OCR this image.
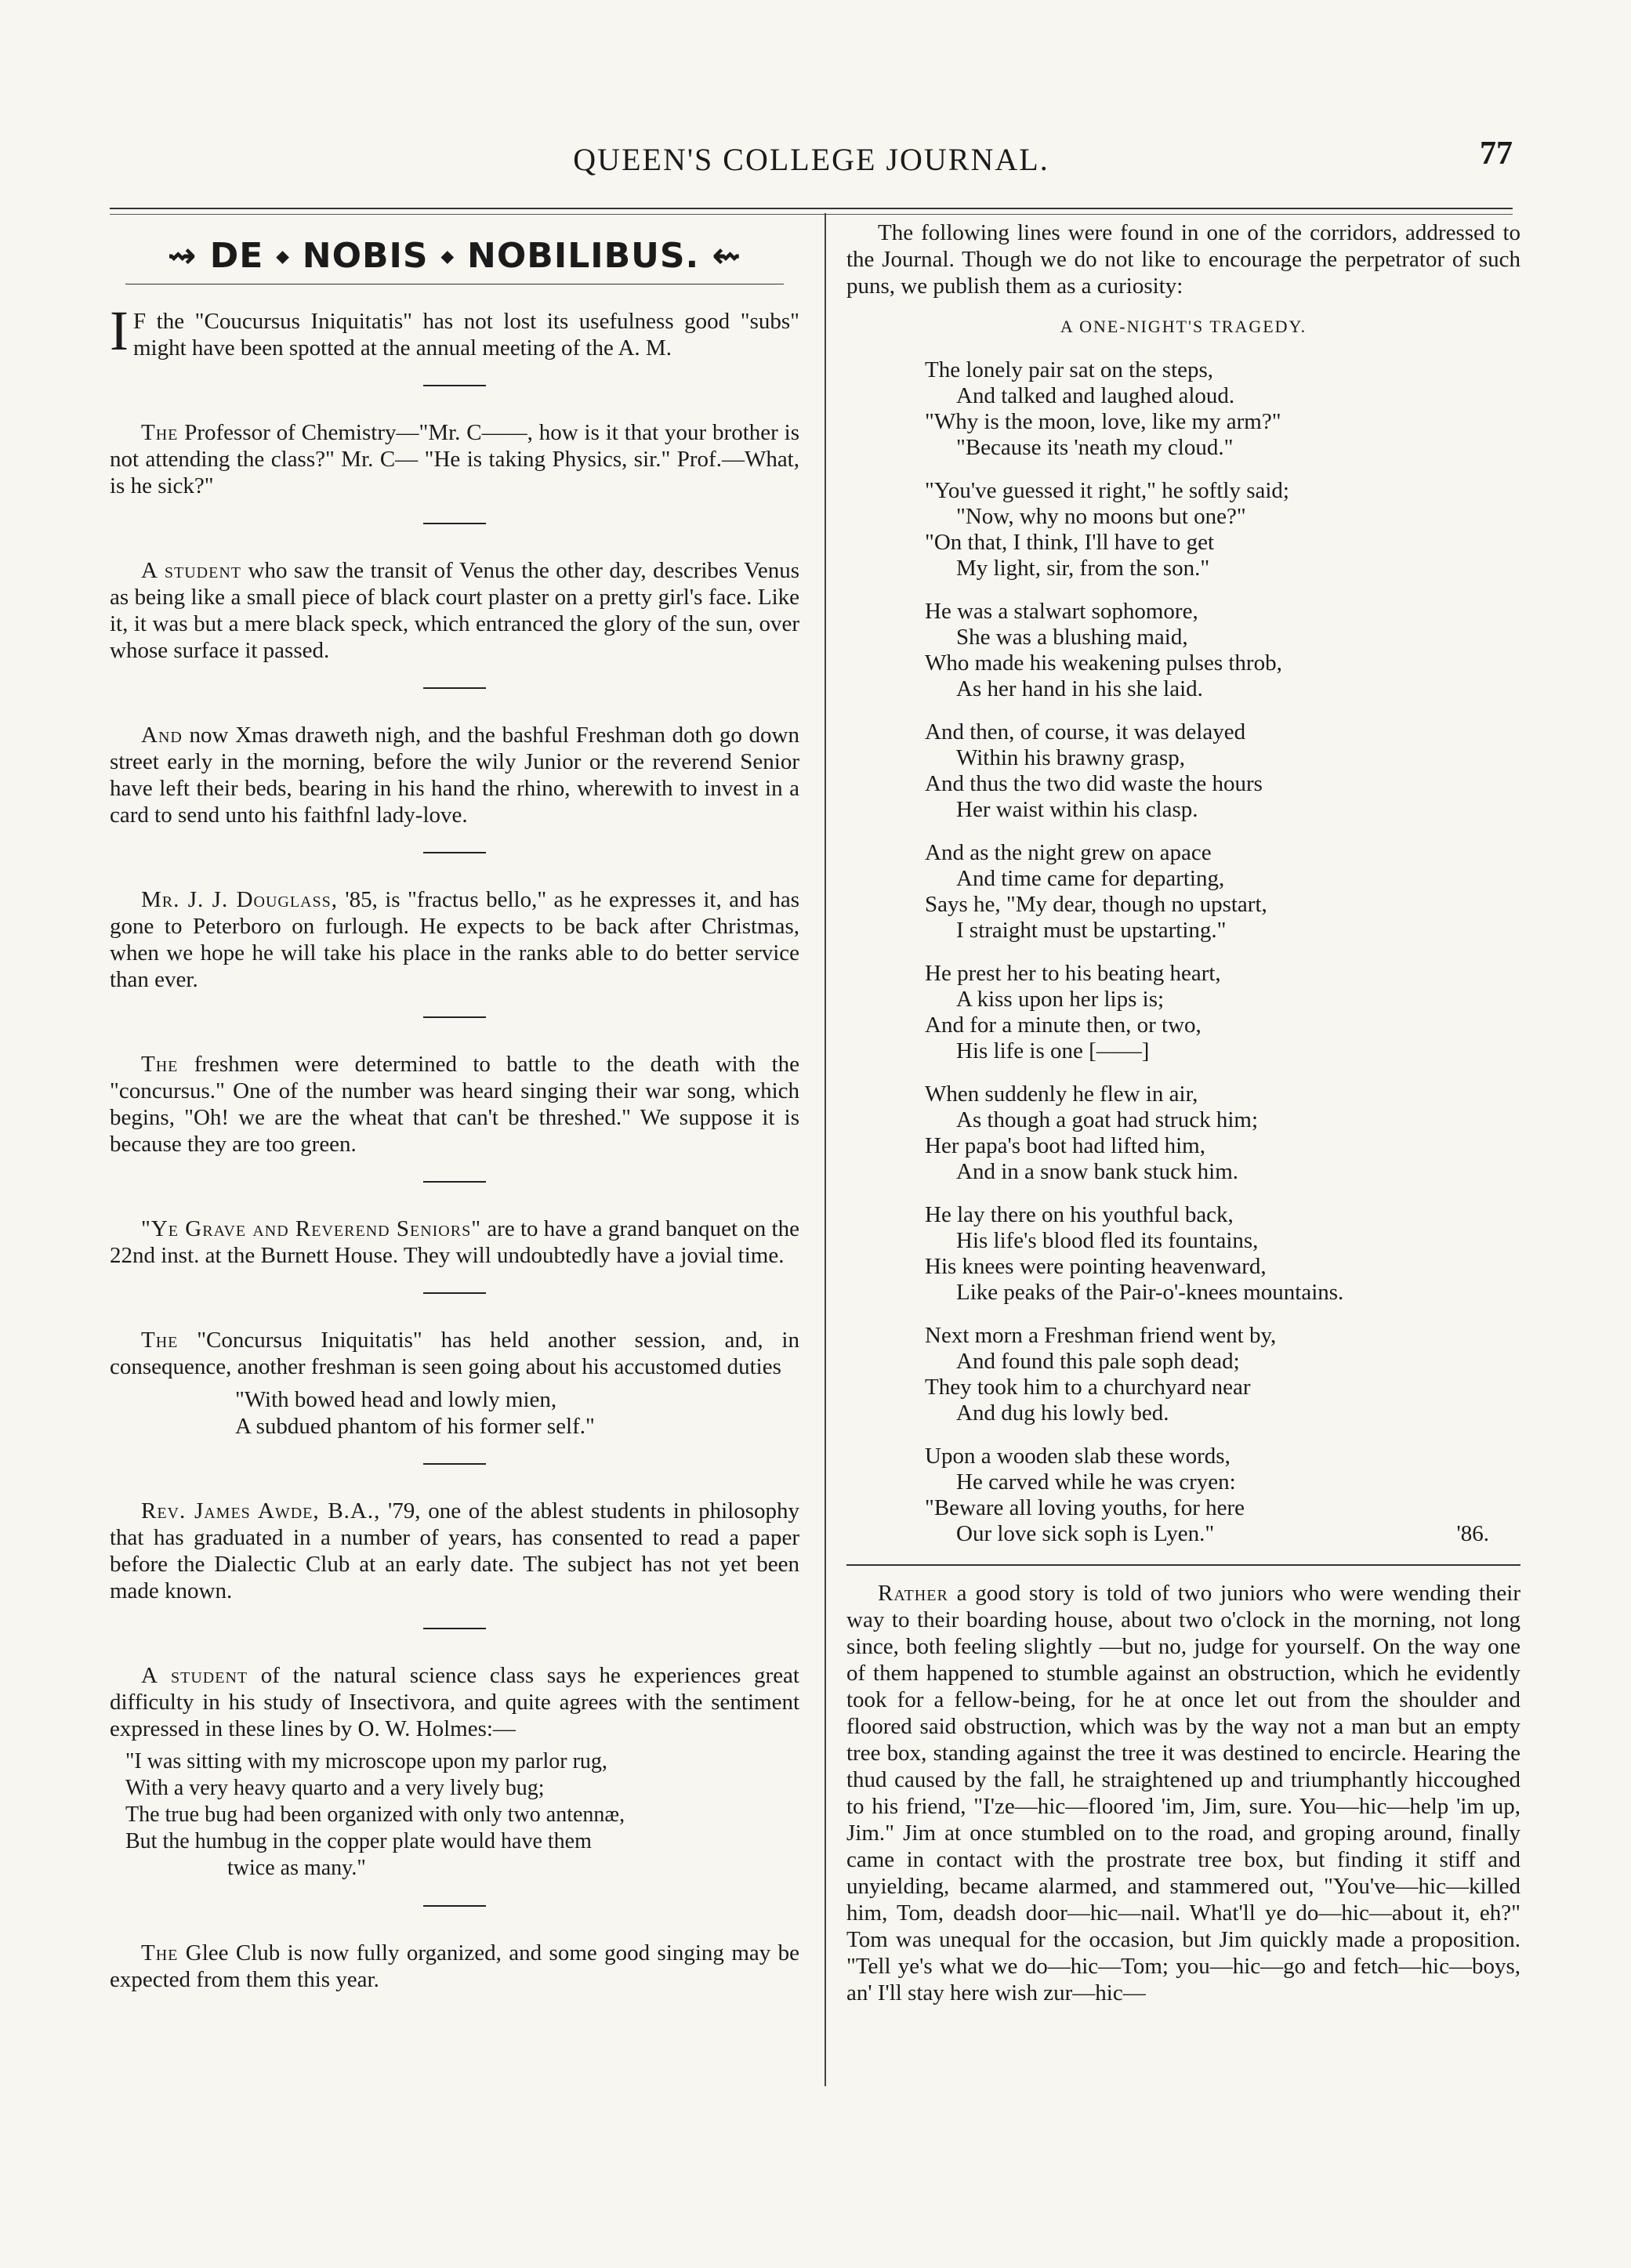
QUEEN'S COLLEGE JOURNAL.	77
⇝ DE ⬩ NOBIS ⬩ NOBILIBUS. ⇜

I F the "Coucursus Iniquitatis" has not lost its usefulness good "subs" might have been spotted at the annual meeting of the A. M.

The Professor of Chemistry—"Mr. C——, how is it that your brother is not attending the class?" Mr. C— "He is taking Physics, sir." Prof.—What, is he sick?"

A student who saw the transit of Venus the other day, describes Venus as being like a small piece of black court plaster on a pretty girl's face. Like it, it was but a mere black speck, which entranced the glory of the sun, over whose surface it passed.

And now Xmas draweth nigh, and the bashful Freshman doth go down street early in the morning, before the wily Junior or the reverend Senior have left their beds, bearing in his hand the rhino, wherewith to invest in a card to send unto his faithfnl lady-love.

Mr. J. J. Douglass, '85, is "fractus bello," as he expresses it, and has gone to Peterboro on furlough. He expects to be back after Christmas, when we hope he will take his place in the ranks able to do better service than ever.

The freshmen were determined to battle to the death with the "concursus." One of the number was heard singing their war song, which begins, "Oh! we are the wheat that can't be threshed." We suppose it is because they are too green.

"Ye Grave and Reverend Seniors" are to have a grand banquet on the 22nd inst. at the Burnett House. They will undoubtedly have a jovial time.

The "Concursus Iniquitatis" has held another session, and, in consequence, another freshman is seen going about his accustomed duties

"With bowed head and lowly mien,
A subdued phantom of his former self."

Rev. James Awde, B.A., '79, one of the ablest students in philosophy that has graduated in a number of years, has consented to read a paper before the Dialectic Club at an early date. The subject has not yet been made known.

A student of the natural science class says he experiences great difficulty in his study of Insectivora, and quite agrees with the sentiment expressed in these lines by O. W. Holmes:—

"I was sitting with my microscope upon my parlor rug,
With a very heavy quarto and a very lively bug;
The true bug had been organized with only two antennæ,
But the humbug in the copper plate would have them
twice as many."

The Glee Club is now fully organized, and some good singing may be expected from them this year.

The following lines were found in one of the corridors, addressed to the Journal. Though we do not like to encourage the perpetrator of such puns, we publish them as a curiosity:

A ONE-NIGHT'S TRAGEDY.
The lonely pair sat on the steps,
And talked and laughed aloud.
"Why is the moon, love, like my arm?"
"Because its 'neath my cloud."
"You've guessed it right," he softly said;
"Now, why no moons but one?"
"On that, I think, I'll have to get
My light, sir, from the son."
He was a stalwart sophomore,
She was a blushing maid,
Who made his weakening pulses throb,
As her hand in his she laid.
And then, of course, it was delayed
Within his brawny grasp,
And thus the two did waste the hours
Her waist within his clasp.
And as the night grew on apace
And time came for departing,
Says he, "My dear, though no upstart,
I straight must be upstarting."
He prest her to his beating heart,
A kiss upon her lips is;
And for a minute then, or two,
His life is one [——]
When suddenly he flew in air,
As though a goat had struck him;
Her papa's boot had lifted him,
And in a snow bank stuck him.
He lay there on his youthful back,
His life's blood fled its fountains,
His knees were pointing heavenward,
Like peaks of the Pair-o'-knees mountains.
Next morn a Freshman friend went by,
And found this pale soph dead;
They took him to a churchyard near
And dug his lowly bed.
Upon a wooden slab these words,
He carved while he was cryen:
"Beware all loving youths, for here
Our love sick soph is Lyen."	'86.

Rather a good story is told of two juniors who were wending their way to their boarding house, about two o'clock in the morning, not long since, both feeling slightly —but no, judge for yourself. On the way one of them happened to stumble against an obstruction, which he evidently took for a fellow-being, for he at once let out from the shoulder and floored said obstruction, which was by the way not a man but an empty tree box, standing against the tree it was destined to encircle. Hearing the thud caused by the fall, he straightened up and triumphantly hiccoughed to his friend, "I'ze—hic—floored 'im, Jim, sure. You—hic—help 'im up, Jim." Jim at once stumbled on to the road, and groping around, finally came in contact with the prostrate tree box, but finding it stiff and unyielding, became alarmed, and stammered out, "You've—hic—killed him, Tom, deadsh door—hic—nail. What'll ye do—hic—about it, eh?" Tom was unequal for the occasion, but Jim quickly made a proposition. "Tell ye's what we do—hic—Tom; you—hic—go and fetch—hic—boys, an' I'll stay here wish zur—hic—
